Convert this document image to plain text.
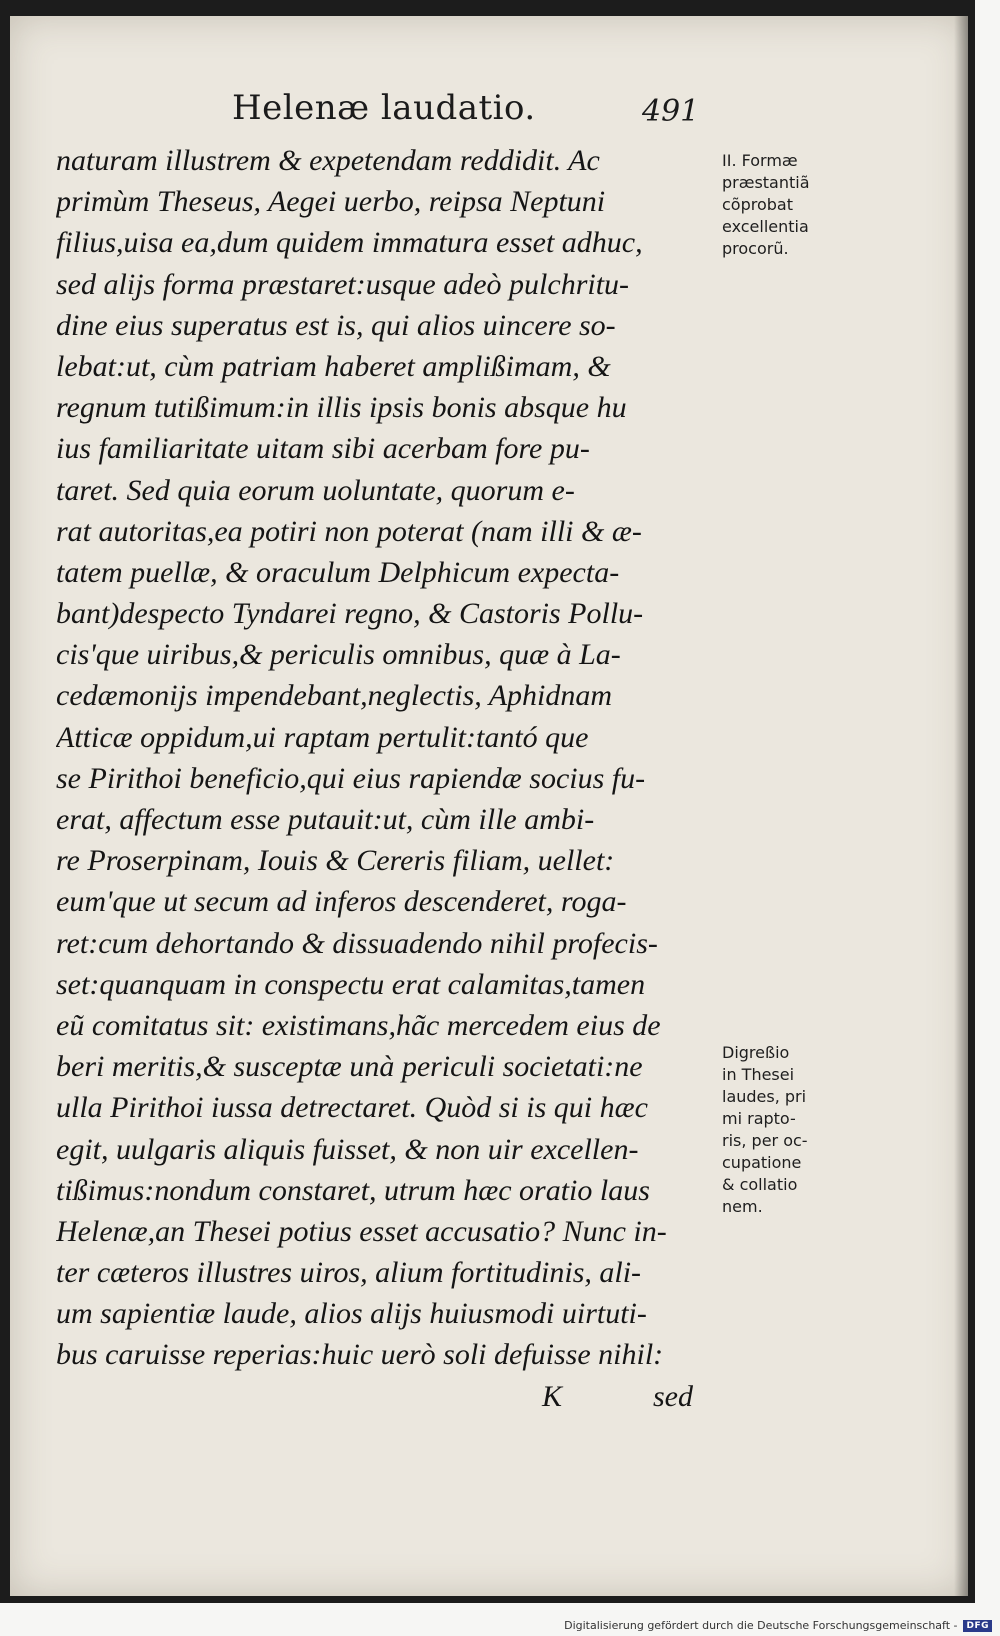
Helenæ laudatio.	491
naturam illustrem & expetendam reddidit. Ac
primùm Theseus, Aegei uerbo, reipsa Neptuni
filius,uisa ea,dum quidem immatura esset adhuc,
sed alijs forma præstaret:usque adeò pulchritu-
dine eius superatus est is, qui alios uincere so-
lebat:ut, cùm patriam haberet amplißimam, &
regnum tutißimum:in illis ipsis bonis absque hu
ius familiaritate uitam sibi acerbam fore pu-
taret. Sed quia eorum uoluntate, quorum e-
rat autoritas,ea potiri non poterat (nam illi & æ-
tatem puellæ, & oraculum Delphicum expecta-
bant)despecto Tyndarei regno, & Castoris Pollu-
cis'que uiribus,& periculis omnibus, quæ à La-
cedæmonijs impendebant,neglectis, Aphidnam
Atticæ oppidum,ui raptam pertulit:tantó que
se Pirithoi beneficio,qui eius rapiendæ socius fu-
erat, affectum esse putauit:ut, cùm ille ambi-
re Proserpinam, Iouis & Cereris filiam, uellet:
eum'que ut secum ad inferos descenderet, roga-
ret:cum dehortando & dissuadendo nihil profecis-
set:quanquam in conspectu erat calamitas,tamen
eũ comitatus sit: existimans,hãc mercedem eius de
beri meritis,& susceptæ unà periculi societati:ne
ulla Pirithoi iussa detrectaret. Quòd si is qui hæc
egit, uulgaris aliquis fuisset, & non uir excellen-
tißimus:nondum constaret, utrum hæc oratio laus
Helenæ,an Thesei potius esset accusatio? Nunc in-
ter cæteros illustres uiros, alium fortitudinis, ali-
um sapientiæ laude, alios alijs huiusmodi uirtuti-
bus caruisse reperias:huic uerò soli defuisse nihil:
K	sed
II. Formæ
præstantiã
cõprobat
excellentia
procorũ.
Digreßio
in Thesei
laudes, pri
mi rapto-
ris, per oc-
cupatione
& collatio
nem.
Digitalisierung gefördert durch die Deutsche Forschungsgemeinschaft -	DFG
